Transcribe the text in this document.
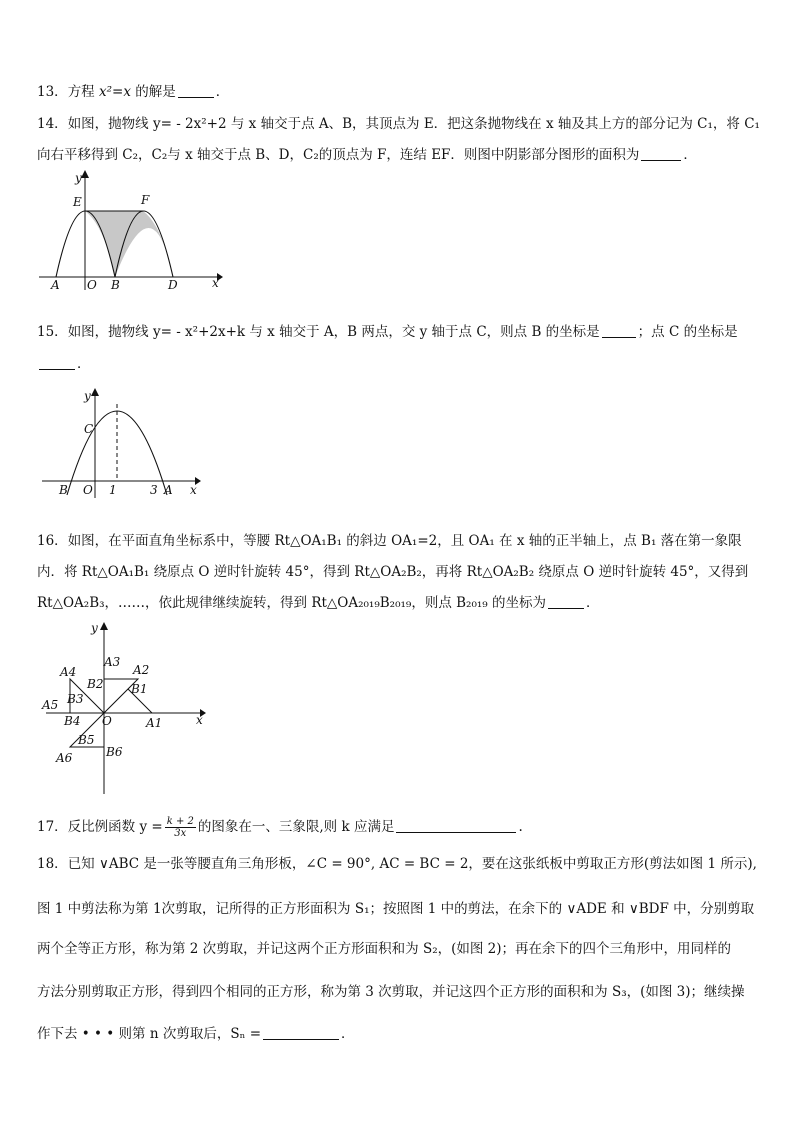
13．方程 x²=x 的解是	．
14．如图，抛物线 y= - 2x²+2 与 x 轴交于点 A、B，其顶点为 E．把这条抛物线在 x 轴及其上方的部分记为 C₁，将 C₁
向右平移得到 C₂，C₂与 x 轴交于点 B、D，C₂的顶点为 F，连结 EF．则图中阴影部分图形的面积为	．
y
E	F
A O B	D	x
15．如图，抛物线 y= - x²+2x+k 与 x 轴交于 A，B 两点，交 y 轴于点 C，则点 B 的坐标是	；点 C 的坐标是
．
y
C
B O 1	3 A x
16．如图，在平面直角坐标系中，等腰 Rt△OA₁B₁ 的斜边 OA₁=2，且 OA₁ 在 x 轴的正半轴上，点 B₁ 落在第一象限
内．将 Rt△OA₁B₁ 绕原点 O 逆时针旋转 45°，得到 Rt△OA₂B₂，再将 Rt△OA₂B₂ 绕原点 O 逆时针旋转 45°，又得到
Rt△OA₂B₃，……，依此规律继续旋转，得到 Rt△OA₂₀₁₉B₂₀₁₉，则点 B₂₀₁₉ 的坐标为	．
y
x
O	A1
A2
A3
A4
A5
A6
B1
B2
B3
B4
B5
B6
17．反比例函数 $y = \frac{k + 2}{3x}$ 的图象在一、三象限,则 k 应满足	.
18．已知 ∨ABC 是一张等腰直角三角形板，∠C = 90°, AC = BC = 2，要在这张纸板中剪取正方形(剪法如图 1 所示),
图 1 中剪法称为第 1次剪取，记所得的正方形面积为 S₁；按照图 1 中的剪法，在余下的 ∨ADE 和 ∨BDF 中，分别剪取
两个全等正方形，称为第 2 次剪取，并记这两个正方形面积和为 S₂，(如图 2)；再在余下的四个三角形中，用同样的
方法分别剪取正方形，得到四个相同的正方形，称为第 3 次剪取，并记这四个正方形的面积和为 S₃，(如图 3)；继续操
作下去 • • • 则第 n 次剪取后，Sₙ =	．
